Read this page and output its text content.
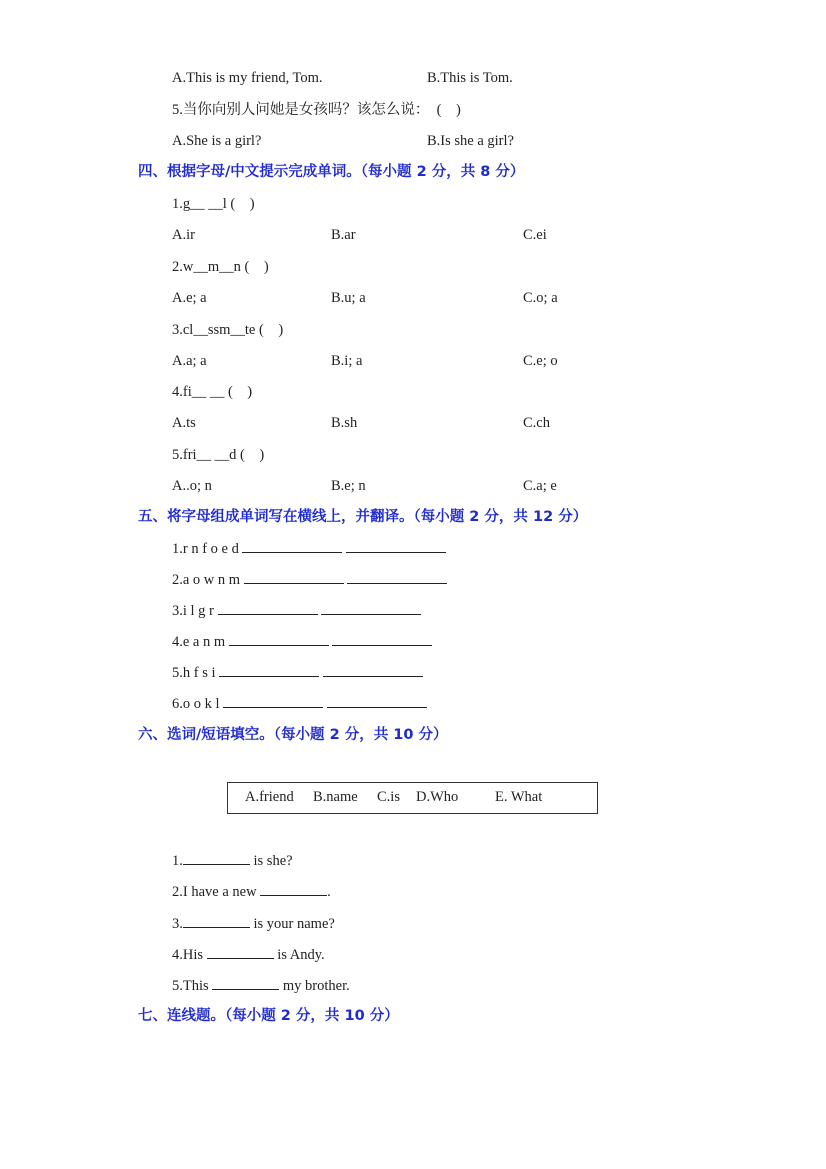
A.This is my friend, Tom.	B.This is Tom.
5.当你向别人问她是女孩吗？该怎么说：  (    )
A.She is a girl?	B.Is she a girl?
四、根据字母/中文提示完成单词。（每小题 2 分，共 8 分）
1.g__ __l (    )
A.ir	B.ar	C.ei
2.w__m__n (    )
A.e; a	B.u; a	C.o; a
3.cl__ssm__te (    )
A.a; a	B.i; a	C.e; o
4.fi__ __ (    )
A.ts	B.sh	C.ch
5.fri__ __d (    )
A..o; n	B.e; n	C.a; e
五、将字母组成单词写在横线上，并翻译。（每小题 2 分，共 12 分）
1.r n f o e d
2.a o w n m
3.i l g r
4.e a n m
5.h f s i
6.o o k l
六、选词/短语填空。（每小题 2 分，共 10 分）
A.friend B.name C.is D.Who	E. What
1.	is she?
2.I have a new	.
3.	is your name?
4.His	is Andy.
5.This	my brother.
七、连线题。（每小题 2 分，共 10 分）
